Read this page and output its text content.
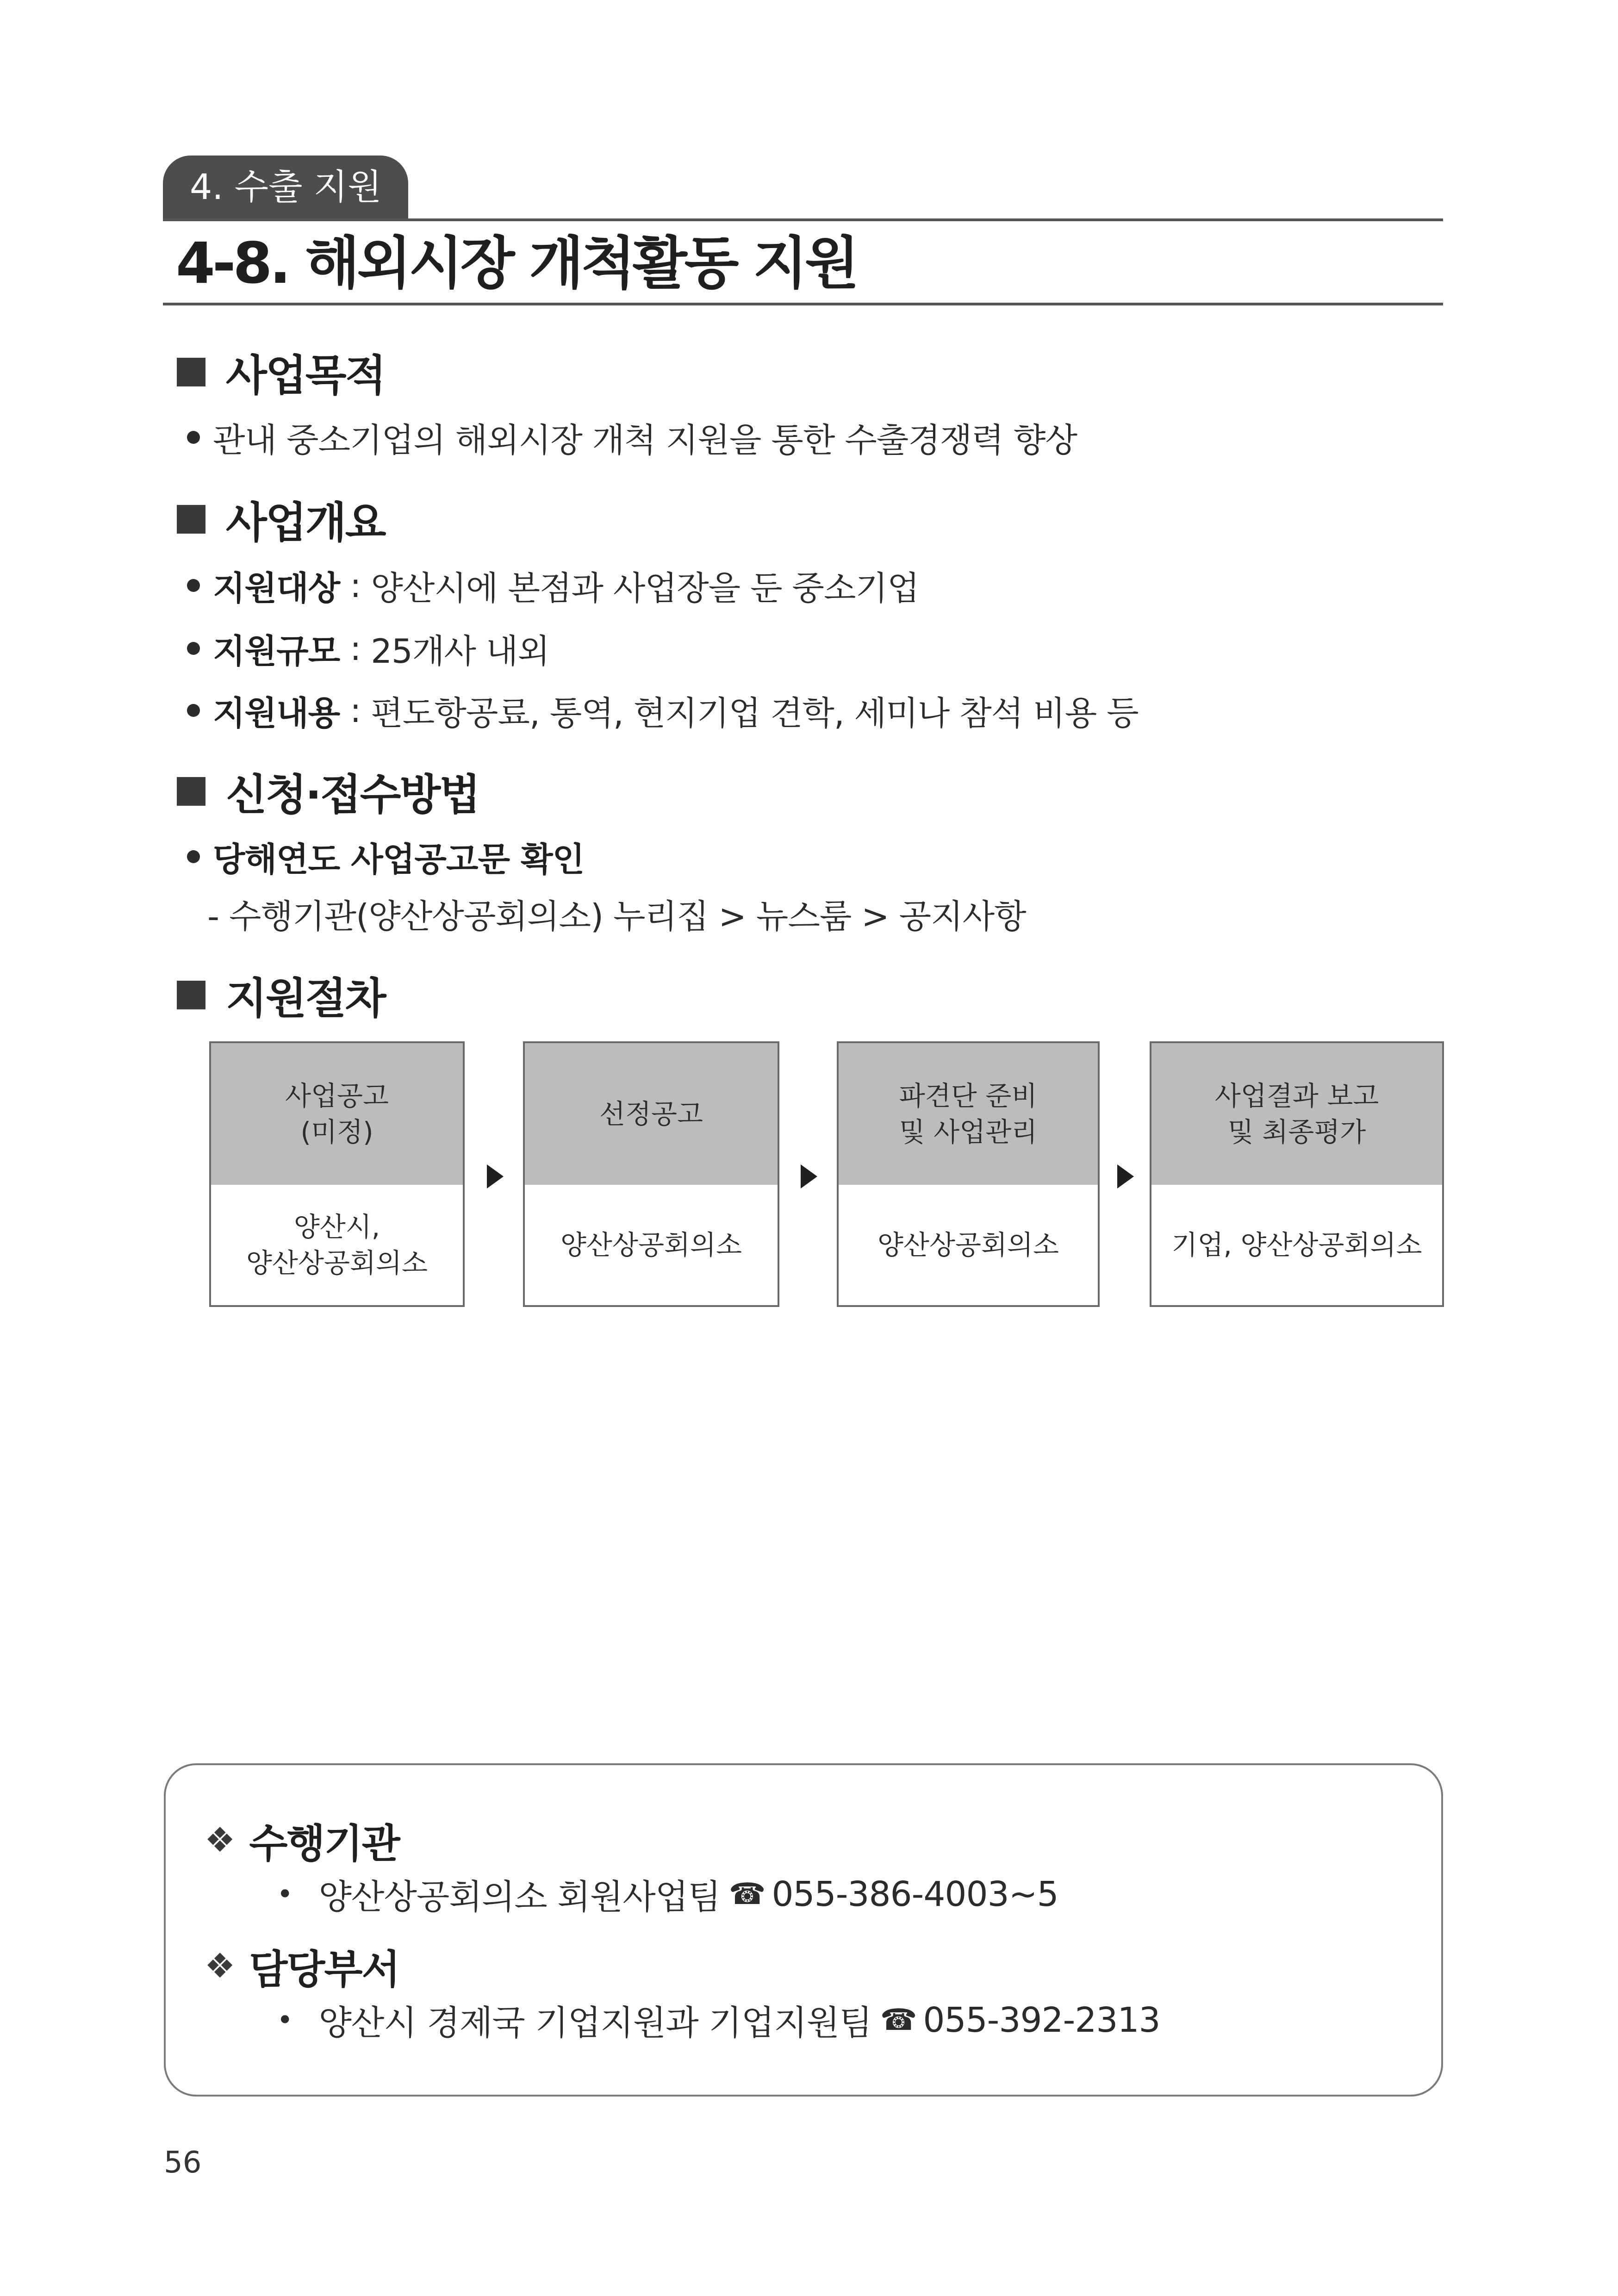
4. 수출 지원
4-8. 해외시장 개척활동 지원
사업목적
관내 중소기업의 해외시장 개척 지원을 통한 수출경쟁력 향상
사업개요
지원대상 : 양산시에 본점과 사업장을 둔 중소기업
지원규모 : 25개사 내외
지원내용 : 편도항공료, 통역, 현지기업 견학, 세미나 참석 비용 등
신청·접수방법
당해연도 사업공고문 확인
- 수행기관(양산상공회의소) 누리집 > 뉴스룸 > 공지사항
지원절차
사업공고
(미정)
양산시,
양산상공회의소
선정공고
양산상공회의소
파견단 준비
및 사업관리
양산상공회의소
사업결과 보고
및 최종평가
기업, 양산상공회의소
❖ 수행기관
• 양산상공회의소 회원사업팀 ☎ 055-386-4003~5
❖ 담당부서
• 양산시 경제국 기업지원과 기업지원팀 ☎ 055-392-2313
56
